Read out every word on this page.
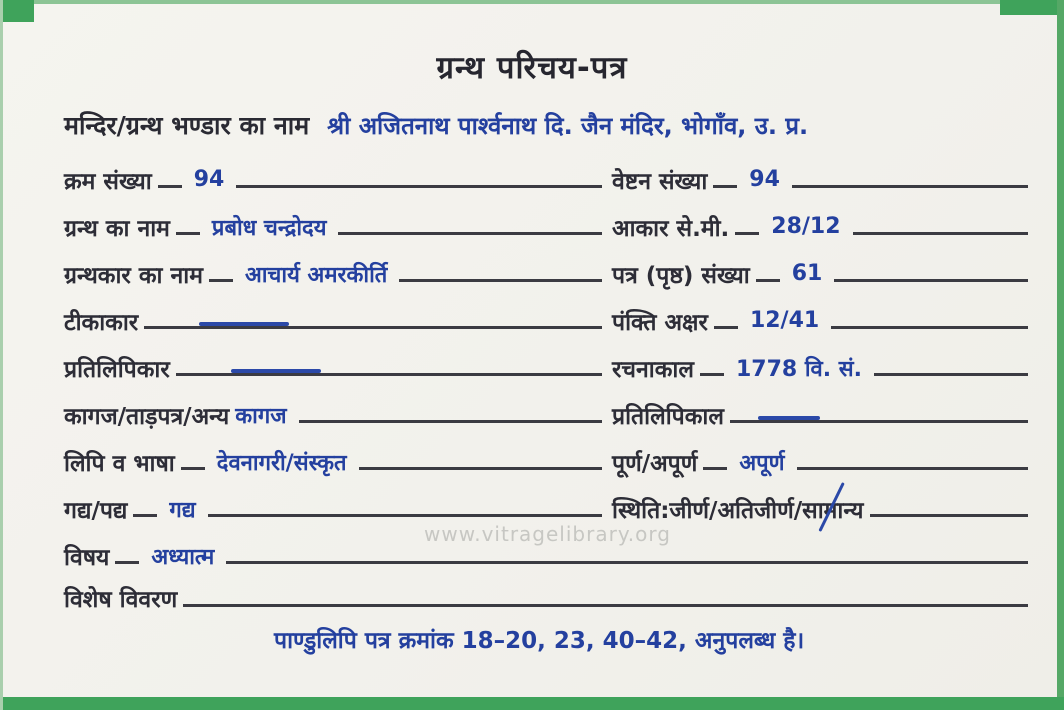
ग्रन्थ परिचय-पत्र
मन्दिर/ग्रन्थ भण्डार का नाम श्री अजितनाथ पार्श्वनाथ दि. जैन मंदिर, भोगाँव, उ. प्र.
क्रम संख्या 94	वेष्टन संख्या 94
ग्रन्थ का नाम प्रबोध चन्द्रोदय	आकार से.मी. 28/12
ग्रन्थकार का नाम आचार्य अमरकीर्ति	पत्र (पृष्ठ) संख्या 61
टीकाकार	पंक्ति अक्षर 12/41
प्रतिलिपिकार	रचनाकाल 1778 वि. सं.
कागज/ताड़पत्र/अन्य कागज	प्रतिलिपिकाल
लिपि व भाषा देवनागरी/संस्कृत	पूर्ण/अपूर्ण अपूर्ण
गद्य/पद्य गद्य	स्थिति:जीर्ण/अतिजीर्ण/ सामान्य
विषय अध्यात्म
विशेष विवरण
पाण्डुलिपि पत्र क्रमांक 18–20, 23, 40–42, अनुपलब्ध है।
www.vitragelibrary.org
